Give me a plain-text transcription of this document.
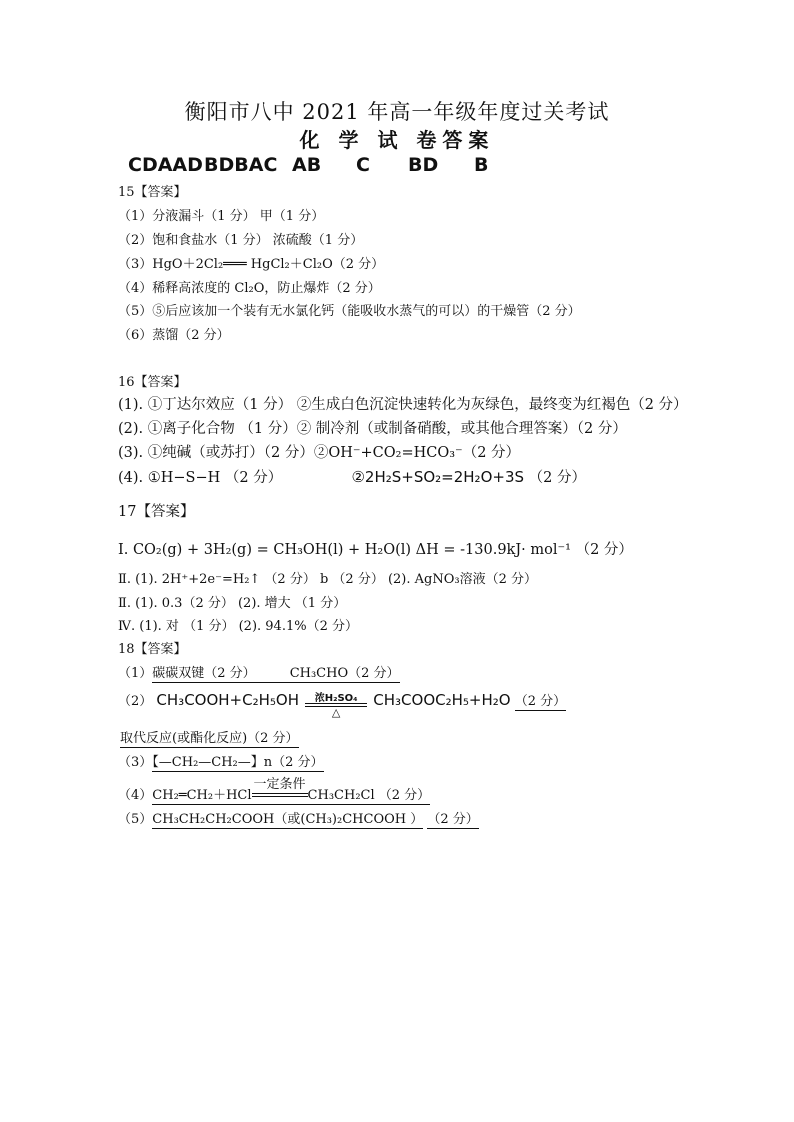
衡阳市八中 2021 年高一年级年度过关考试
化 学 试 卷答案
CDAAD BDBAC AB C BD B
15【答案】
（1）分液漏斗（1 分） 甲（1 分）
（2）饱和食盐水（1 分） 浓硫酸（1 分）
（3）HgO＋2Cl₂═══ HgCl₂＋Cl₂O（2 分）
（4）稀释高浓度的 Cl₂O，防止爆炸（2 分）
（5）⑤后应该加一个装有无水氯化钙（能吸收水蒸气的可以）的干燥管（2 分）
（6）蒸馏（2 分）
16【答案】
(1). ①丁达尔效应（1 分） ②生成白色沉淀快速转化为灰绿色，最终变为红褐色（2 分）
(2). ①离子化合物 （1 分）② 制冷剂（或制备硝酸，或其他合理答案）（2 分）
(3). ①纯碱（或苏打）（2 分）②OH⁻+CO₂=HCO₃⁻（2 分）
(4). ①H−S−H （2 分）	②2H₂S+SO₂=2H₂O+3S （2 分）
17【答案】
I. CO₂(g) + 3H₂(g) = CH₃OH(l) + H₂O(l) ΔH = -130.9kJ· mol⁻¹ （2 分）
Ⅱ. (1). 2H⁺+2e⁻=H₂↑ （2 分） b （2 分） (2). AgNO₃溶液（2 分）
Ⅱ. (1). 0.3（2 分） (2). 增大 （1 分）
Ⅳ. (1). 对 （1 分） (2). 94.1%（2 分）
18【答案】
（1）碳碳双键（2 分）	CH₃CHO（2 分）
（2） CH₃COOH+C₂H₅OH	浓H₂SO₄
△
CH₃COOC₂H₅+H₂O （2 分）
取代反应(或酯化反应)（2 分）
（3）【—CH₂—CH₂—】n（2 分）
（4）CH₂═CH₂＋HCl
一定条件
CH₃CH₂Cl （2 分）
（5）CH₃CH₂CH₂COOH（或(CH₃)₂CHCOOH ） （2 分）
